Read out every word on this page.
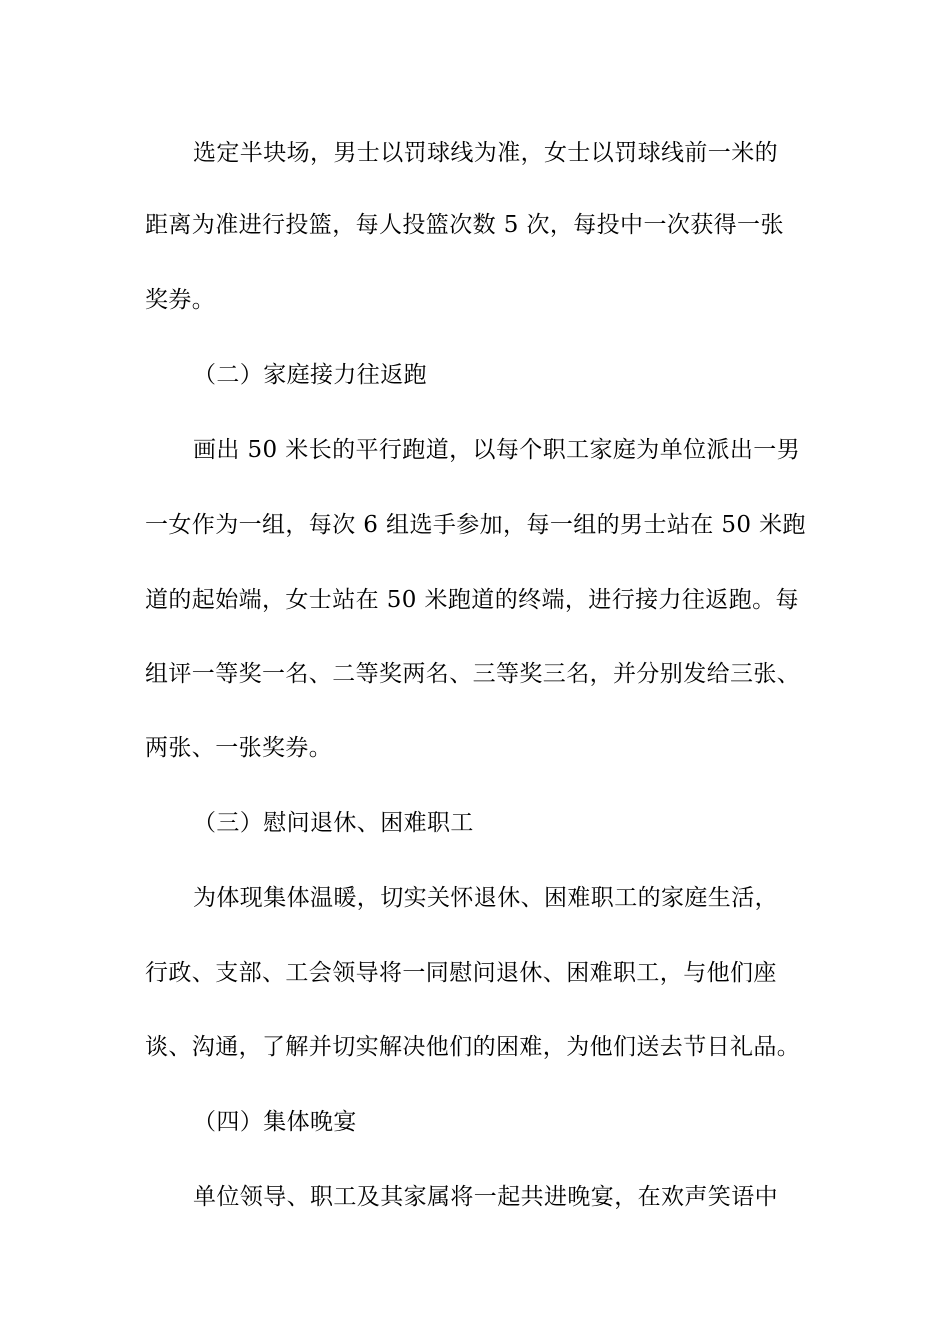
选定半块场，男士以罚球线为准，女士以罚球线前一米的
距离为准进行投篮，每人投篮次数 5 次，每投中一次获得一张
奖券。
（二）家庭接力往返跑
画出 50 米长的平行跑道，以每个职工家庭为单位派出一男
一女作为一组，每次 6 组选手参加，每一组的男士站在 50 米跑
道的起始端，女士站在 50 米跑道的终端，进行接力往返跑。每
组评一等奖一名、二等奖两名、三等奖三名，并分别发给三张、
两张、一张奖券。
（三）慰问退休、困难职工
为体现集体温暖，切实关怀退休、困难职工的家庭生活，
行政、支部、工会领导将一同慰问退休、困难职工，与他们座
谈、沟通，了解并切实解决他们的困难，为他们送去节日礼品。
（四）集体晚宴
单位领导、职工及其家属将一起共进晚宴，在欢声笑语中
